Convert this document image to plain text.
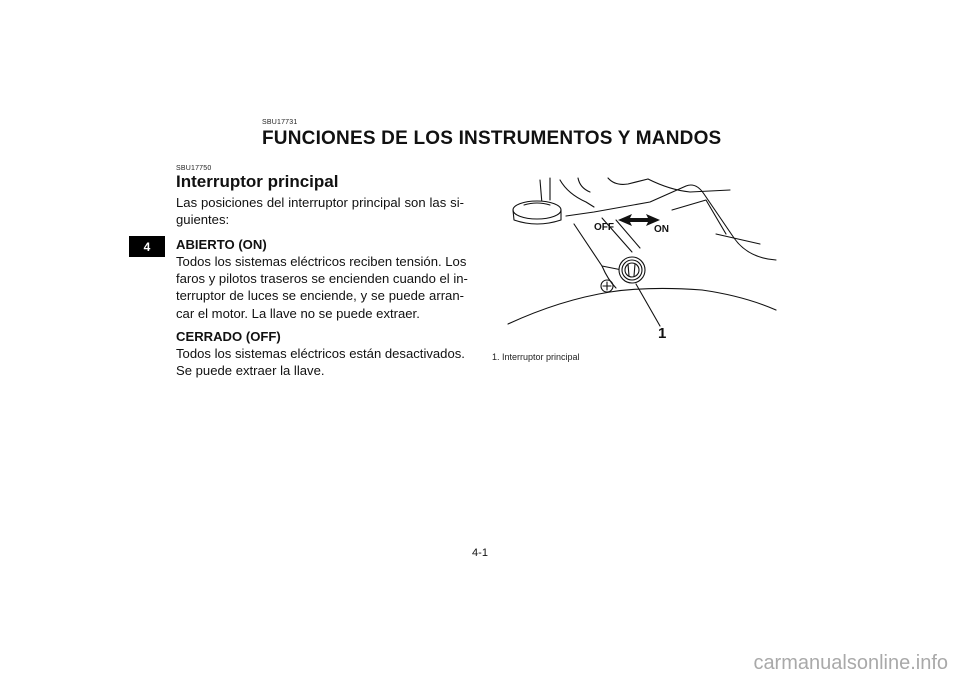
SBU17731
FUNCIONES DE LOS INSTRUMENTOS Y MANDOS
4
SBU17750
Interruptor principal
Las posiciones del interruptor principal son las si-
guientes:
ABIERTO (ON)
Todos los sistemas eléctricos reciben tensión. Los
faros y pilotos traseros se encienden cuando el in-
terruptor de luces se enciende, y se puede arran-
car el motor. La llave no se puede extraer.
CERRADO (OFF)
Todos los sistemas eléctricos están desactivados.
Se puede extraer la llave.
OFF	ON
1
1. Interruptor principal
4-1
carmanualsonline.info
